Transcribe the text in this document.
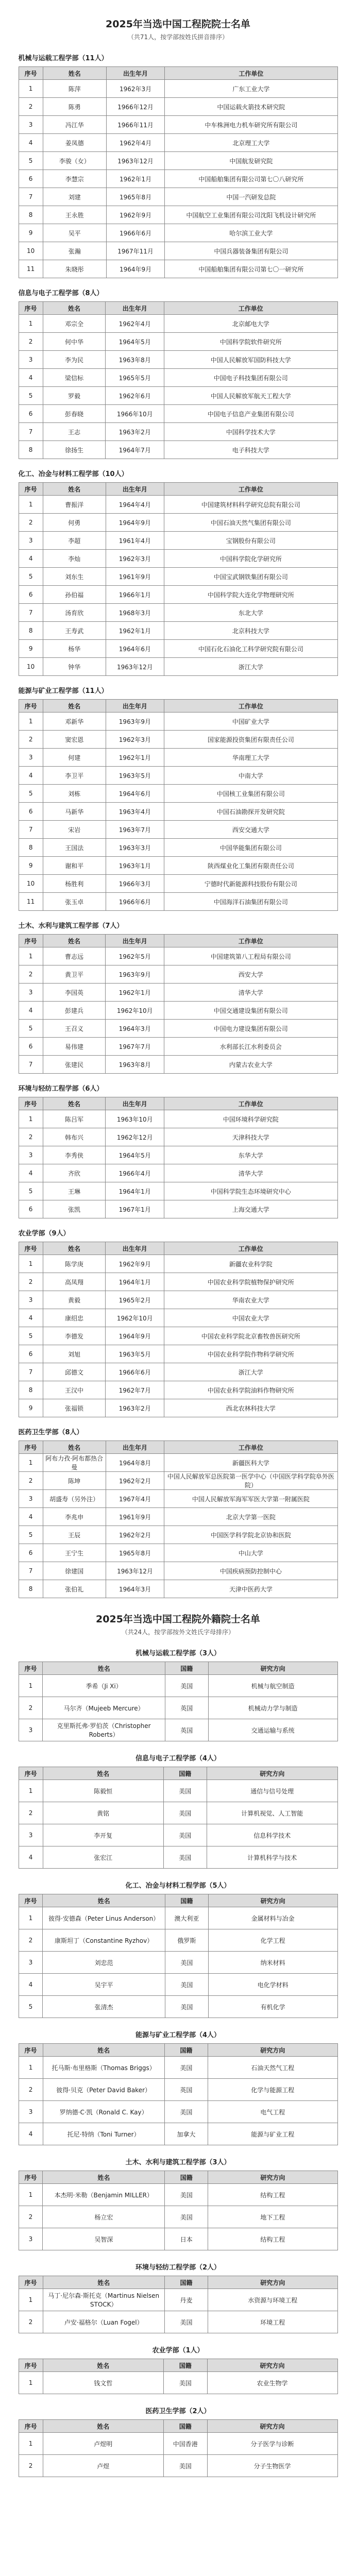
2025年当选中国工程院院士名单
（共71人，按学部按姓氏拼音排序）
机械与运载工程学部（11人）
序号	姓名	出生年月	工作单位
1	陈萍	1962年3月	广东工业大学
2	陈勇	1966年12月	中国运载火箭技术研究院
3	冯江华	1966年11月	中车株洲电力机车研究所有限公司
4	姜凤德	1962年4月	北京理工大学
5	李骏（女）	1963年12月	中国航发研究院
6	李慧宗	1962年1月	中国船舶集团有限公司第七〇八研究所
7	刘建	1965年8月	中国一汽研发总院
8	王永胜	1962年9月	中国航空工业集团有限公司沈阳飞机设计研究所
9	吴平	1966年6月	哈尔滨工业大学
10	张瀚	1967年11月	中国兵器装备集团有限公司
11	朱晓彤	1964年9月	中国船舶集团有限公司第七〇一研究所
信息与电子工程学部（8人）
序号	姓名	出生年月	工作单位
1	邓宗全	1962年4月	北京邮电大学
2	何中华	1964年5月	中国科学院软件研究所
3	李为民	1963年8月	中国人民解放军国防科技大学
4	梁信标	1965年5月	中国电子科技集团有限公司
5	罗毅	1962年6月	中国人民解放军航天工程大学
6	彭春晓	1966年10月	中国电子信息产业集团有限公司
7	王志	1963年2月	中国科学技术大学
8	徐扬生	1964年7月	电子科技大学
化工、冶金与材料工程学部（10人）
序号	姓名	出生年月	工作单位
1	曹振洋	1964年4月	中国建筑材料科学研究总院有限公司
2	何勇	1964年9月	中国石油天然气集团有限公司
3	李超	1961年4月	宝钢股份有限公司
4	李灿	1962年3月	中国科学院化学研究所
5	刘东生	1961年9月	中国宝武钢铁集团有限公司
6	孙伯福	1966年1月	中国科学院大连化学物理研究所
7	汤育欣	1968年3月	东北大学
8	王寿武	1962年1月	北京科技大学
9	杨华	1964年6月	中国石化石油化工科学研究院有限公司
10	钟华	1963年12月	浙江大学
能源与矿业工程学部（11人）
序号	姓名	出生年月	工作单位
1	邓新华	1963年9月	中国矿业大学
2	窦宏恩	1962年3月	国家能源投资集团有限责任公司
3	何建	1962年1月	华南理工大学
4	李卫平	1963年5月	中南大学
5	刘栋	1964年6月	中国核工业集团有限公司
6	马新华	1963年4月	中国石油勘探开发研究院
7	宋岩	1963年7月	西安交通大学
8	王国法	1963年3月	中国华能集团有限公司
9	谢和平	1963年1月	陕西煤业化工集团有限责任公司
10	杨胜利	1966年3月	宁德时代新能源科技股份有限公司
11	张玉卓	1966年6月	中国海洋石油集团有限公司
土木、水利与建筑工程学部（7人）
序号	姓名	出生年月	工作单位
1	曹志远	1962年5月	中国建筑第八工程局有限公司
2	黄卫平	1963年9月	西安大学
3	李国英	1962年1月	清华大学
4	彭建兵	1962年10月	中国交通建设集团有限公司
5	王召义	1964年3月	中国电力建设集团有限公司
6	易伟建	1967年7月	水利部长江水利委员会
7	张建民	1963年8月	内蒙古农业大学
环境与轻纺工程学部（6人）
序号	姓名	出生年月	工作单位
1	陈吕军	1963年10月	中国环境科学研究院
2	韩布兴	1962年12月	天津科技大学
3	李秀侠	1964年5月	东华大学
4	齐欣	1966年4月	清华大学
5	王琳	1964年1月	中国科学院生态环境研究中心
6	张凯	1967年1月	上海交通大学
农业学部（9人）
序号	姓名	出生年月	工作单位
1	陈学庚	1962年9月	新疆农业科学院
2	高凤翔	1964年1月	中国农业科学院植物保护研究所
3	黄毅	1965年2月	华南农业大学
4	康绍忠	1962年10月	中国农业大学
5	李德发	1964年9月	中国农业科学院北京畜牧兽医研究所
6	刘旭	1963年5月	中国农业科学院作物科学研究所
7	邱德文	1966年6月	浙江大学
8	王汉中	1962年7月	中国农业科学院油料作物研究所
9	张福锁	1963年2月	西北农林科技大学
医药卫生学部（8人）
序号	姓名	出生年月	工作单位
1	阿布力孜·阿布都热合曼	1964年8月	新疆医科大学
2	陈坤	1962年2月	中国人民解放军总医院第一医学中心（中国医学科学院阜外医院）
3	胡盛寿（另外注）	1967年4月	中国人民解放军海军军医大学第一附属医院
4	李兆申	1961年9月	北京大学第一医院
5	王辰	1962年2月	中国医学科学院北京协和医院
6	王宁生	1965年8月	中山大学
7	徐建国	1963年12月	中国疾病预防控制中心
8	张伯礼	1964年3月	天津中医药大学
2025年当选中国工程院外籍院士名单
（共24人，按学部按外文姓氏字母排序）
机械与运载工程学部（3人）
序号	姓名	国籍	研究方向
1	季希（Ji Xi）	美国	机械与航空制造
2	马尔齐（Mujeeb Mercure）	英国	机械动力学与制造
3	克里斯托弗·罗伯茨（Christopher Roberts）	英国	交通运输与系统
信息与电子工程学部（4人）
序号	姓名	国籍	研究方向
1	陈毅恒	美国	通信与信号处理
2	黄铭	美国	计算机视觉、人工智能
3	李开复	美国	信息科学技术
4	张宏江	美国	计算机科学与技术
化工、冶金与材料工程学部（5人）
序号	姓名	国籍	研究方向
1	彼得·安德森（Peter Linus Anderson）	澳大利亚	金属材料与冶金
2	康斯坦丁（Constantine Ryzhov）	俄罗斯	化学工程
3	刘忠范	美国	纳米材料
4	吴宇平	美国	电化学材料
5	张清杰	美国	有机化学
能源与矿业工程学部（4人）
序号	姓名	国籍	研究方向
1	托马斯·布里格斯（Thomas Briggs）	美国	石油天然气工程
2	彼得·贝克（Peter David Baker）	英国	化学与能源工程
3	罗纳德·C·凯（Ronald C. Kay）	美国	电气工程
4	托尼·特纳（Toni Turner）	加拿大	能源与矿业工程
土木、水利与建筑工程学部（3人）
序号	姓名	国籍	研究方向
1	本杰明·米勒（Benjamin MILLER）	美国	结构工程
2	杨立宏	美国	地下工程
3	吴智深	日本	结构工程
环境与轻纺工程学部（2人）
序号	姓名	国籍	研究方向
1	马丁·尼尔森·斯托克（Martinus Nielsen STOCK）	丹麦	水资源与环境工程
2	卢安·福格尔（Luan Fogel）	美国	环境工程
农业学部（1人）
序号	姓名	国籍	研究方向
1	钱文哲	美国	农业生物学
医药卫生学部（2人）
序号	姓名	国籍	研究方向
1	卢煜明	中国香港	分子医学与诊断
2	卢煜	美国	分子生物医学
